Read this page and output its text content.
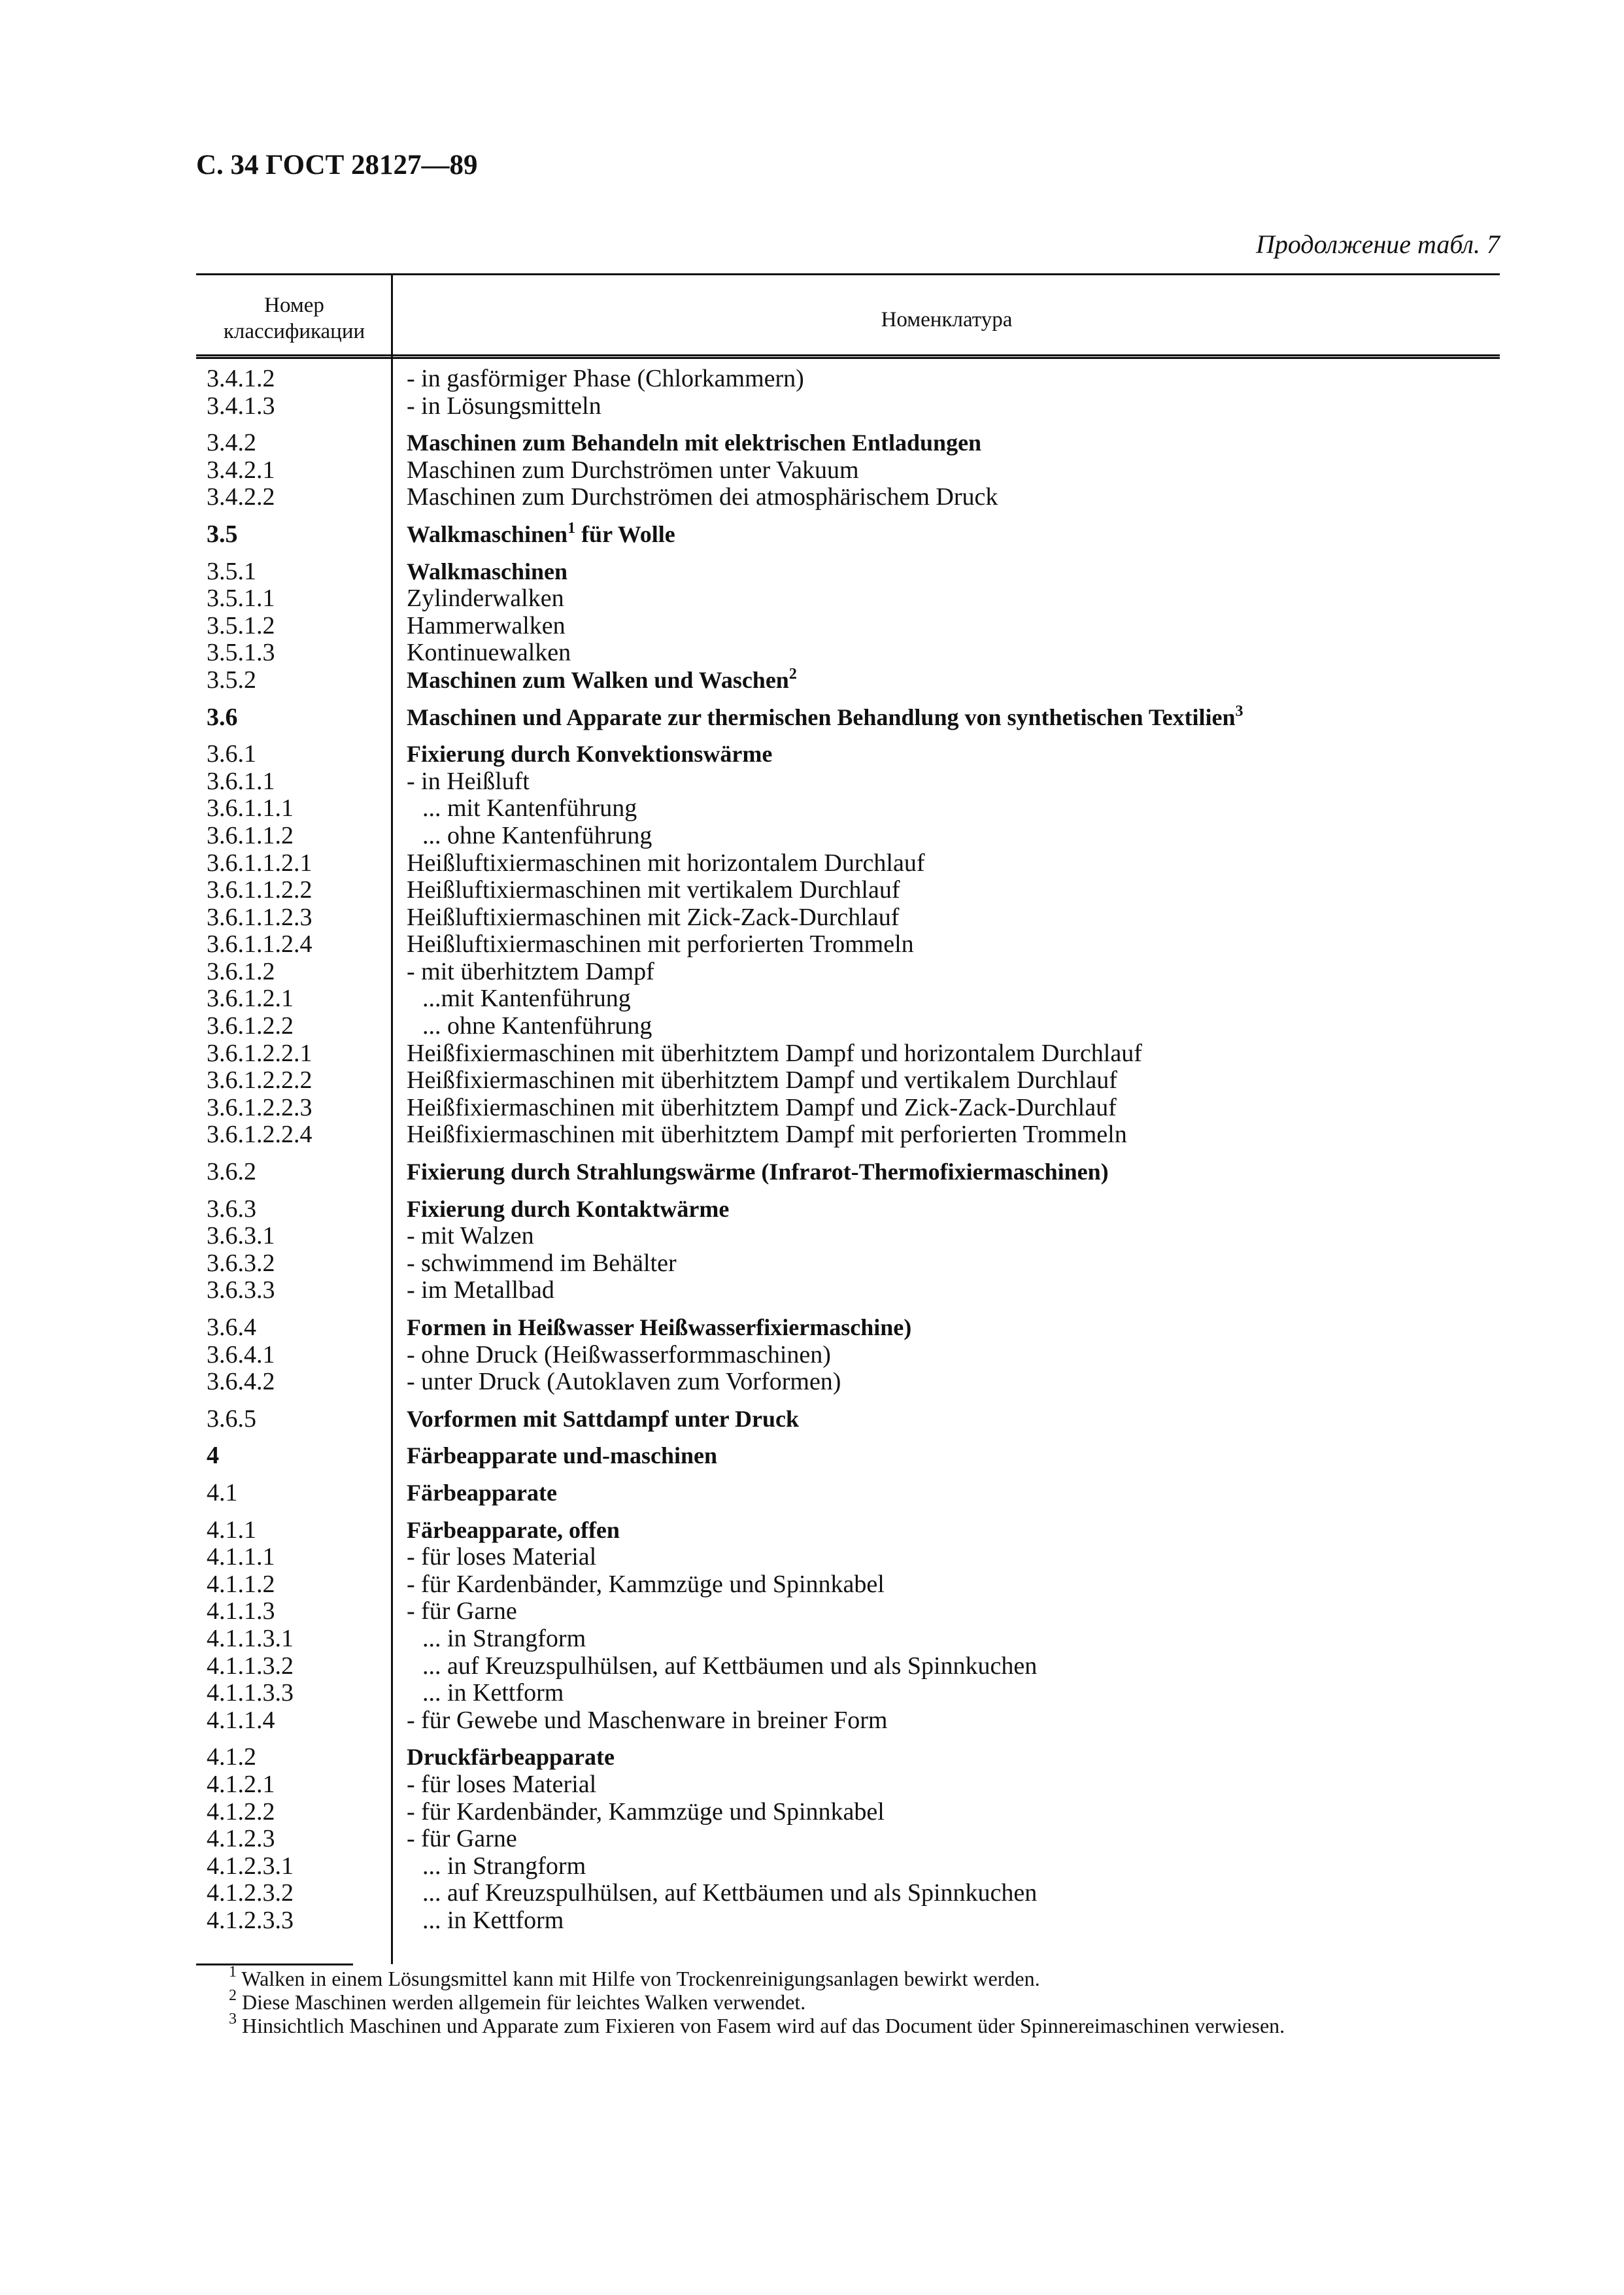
С. 34 ГОСТ 28127—89
Продолжение табл. 7
Номер
классификации	Номенклатура
3.4.1.2	- in gasförmiger Phase (Chlorkammern)
3.4.1.3	- in Lösungsmitteln
3.4.2	Maschinen zum Behandeln mit elektrischen Entladungen
3.4.2.1	Maschinen zum Durchströmen unter Vakuum
3.4.2.2	Maschinen zum Durchströmen dei atmosphärischem Druck
3.5	Walkmaschinen$^1$ für Wolle
3.5.1	Walkmaschinen
3.5.1.1	Zylinderwalken
3.5.1.2	Hammerwalken
3.5.1.3	Kontinuewalken
3.5.2	Maschinen zum Walken und Waschen$^2$
3.6	Maschinen und Apparate zur thermischen Behandlung von synthetischen Textilien$^3$
3.6.1	Fixierung durch Konvektionswärme
3.6.1.1	- in Heißluft
3.6.1.1.1	... mit Kantenführung
3.6.1.1.2	... ohne Kantenführung
3.6.1.1.2.1	Heißluftixiermaschinen mit horizontalem Durchlauf
3.6.1.1.2.2	Heißluftixiermaschinen mit vertikalem Durchlauf
3.6.1.1.2.3	Heißluftixiermaschinen mit Zick-Zack-Durchlauf
3.6.1.1.2.4	Heißluftixiermaschinen mit perforierten Trommeln
3.6.1.2	- mit überhitztem Dampf
3.6.1.2.1	...mit Kantenführung
3.6.1.2.2	... ohne Kantenführung
3.6.1.2.2.1	Heißfixiermaschinen mit überhitztem Dampf und horizontalem Durchlauf
3.6.1.2.2.2	Heißfixiermaschinen mit überhitztem Dampf und vertikalem Durchlauf
3.6.1.2.2.3	Heißfixiermaschinen mit überhitztem Dampf und Zick-Zack-Durchlauf
3.6.1.2.2.4	Heißfixiermaschinen mit überhitztem Dampf mit perforierten Trommeln
3.6.2	Fixierung durch Strahlungswärme (Infrarot-Thermofixiermaschinen)
3.6.3	Fixierung durch Kontaktwärme
3.6.3.1	- mit Walzen
3.6.3.2	- schwimmend im Behälter
3.6.3.3	- im Metallbad
3.6.4	Formen in Heißwasser Heißwasserfixiermaschine)
3.6.4.1	- ohne Druck (Heißwasserformmaschinen)
3.6.4.2	- unter Druck (Autoklaven zum Vorformen)
3.6.5	Vorformen mit Sattdampf unter Druck
4	Färbeapparate und-maschinen
4.1	Färbeapparate
4.1.1	Färbeapparate, offen
4.1.1.1	- für loses Material
4.1.1.2	- für Kardenbänder, Kammzüge und Spinnkabel
4.1.1.3	- für Garne
4.1.1.3.1	... in Strangform
4.1.1.3.2	... auf Kreuzspulhülsen, auf Kettbäumen und als Spinnkuchen
4.1.1.3.3	... in Kettform
4.1.1.4	- für Gewebe und Maschenware in breiner Form
4.1.2	Druckfärbeapparate
4.1.2.1	- für loses Material
4.1.2.2	- für Kardenbänder, Kammzüge und Spinnkabel
4.1.2.3	- für Garne
4.1.2.3.1	... in Strangform
4.1.2.3.2	... auf Kreuzspulhülsen, auf Kettbäumen und als Spinnkuchen
4.1.2.3.3	... in Kettform
$^1$ Walken in einem Lösungsmittel kann mit Hilfe von Trockenreinigungsanlagen bewirkt werden.
$^2$ Diese Maschinen werden allgemein für leichtes Walken verwendet.
$^3$ Hinsichtlich Maschinen und Apparate zum Fixieren von Fasem wird auf das Document üder Spinnereimaschinen verwiesen.
